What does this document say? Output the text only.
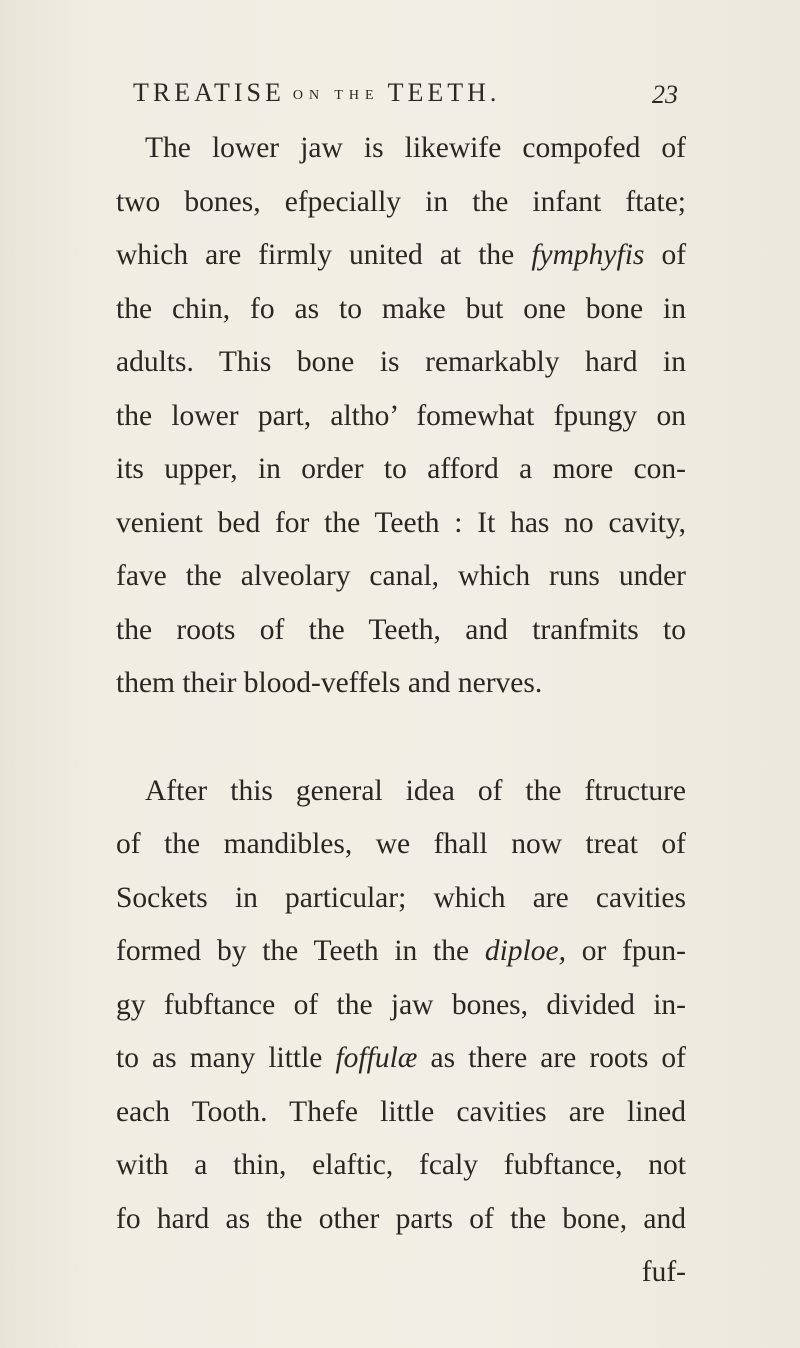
TREATISE ON THE TEETH.	23
The lower jaw is likewife compofed of
two bones, efpecially in the infant ftate;
which are firmly united at the fymphyfis of
the chin, fo as to make but one bone in
adults. This bone is remarkably hard in
the lower part, altho’ fomewhat fpungy on
its upper, in order to afford a more con-
venient bed for the Teeth : It has no cavity,
fave the alveolary canal, which runs under
the roots of the Teeth, and tranfmits to
them their blood-veffels and nerves.
After this general idea of the ftructure
of the mandibles, we fhall now treat of
Sockets in particular; which are cavities
formed by the Teeth in the diploe, or fpun-
gy fubftance of the jaw bones, divided in-
to as many little foffulæ as there are roots of
each Tooth. Thefe little cavities are lined
with a thin, elaftic, fcaly fubftance, not
fo hard as the other parts of the bone, and
fuf-
